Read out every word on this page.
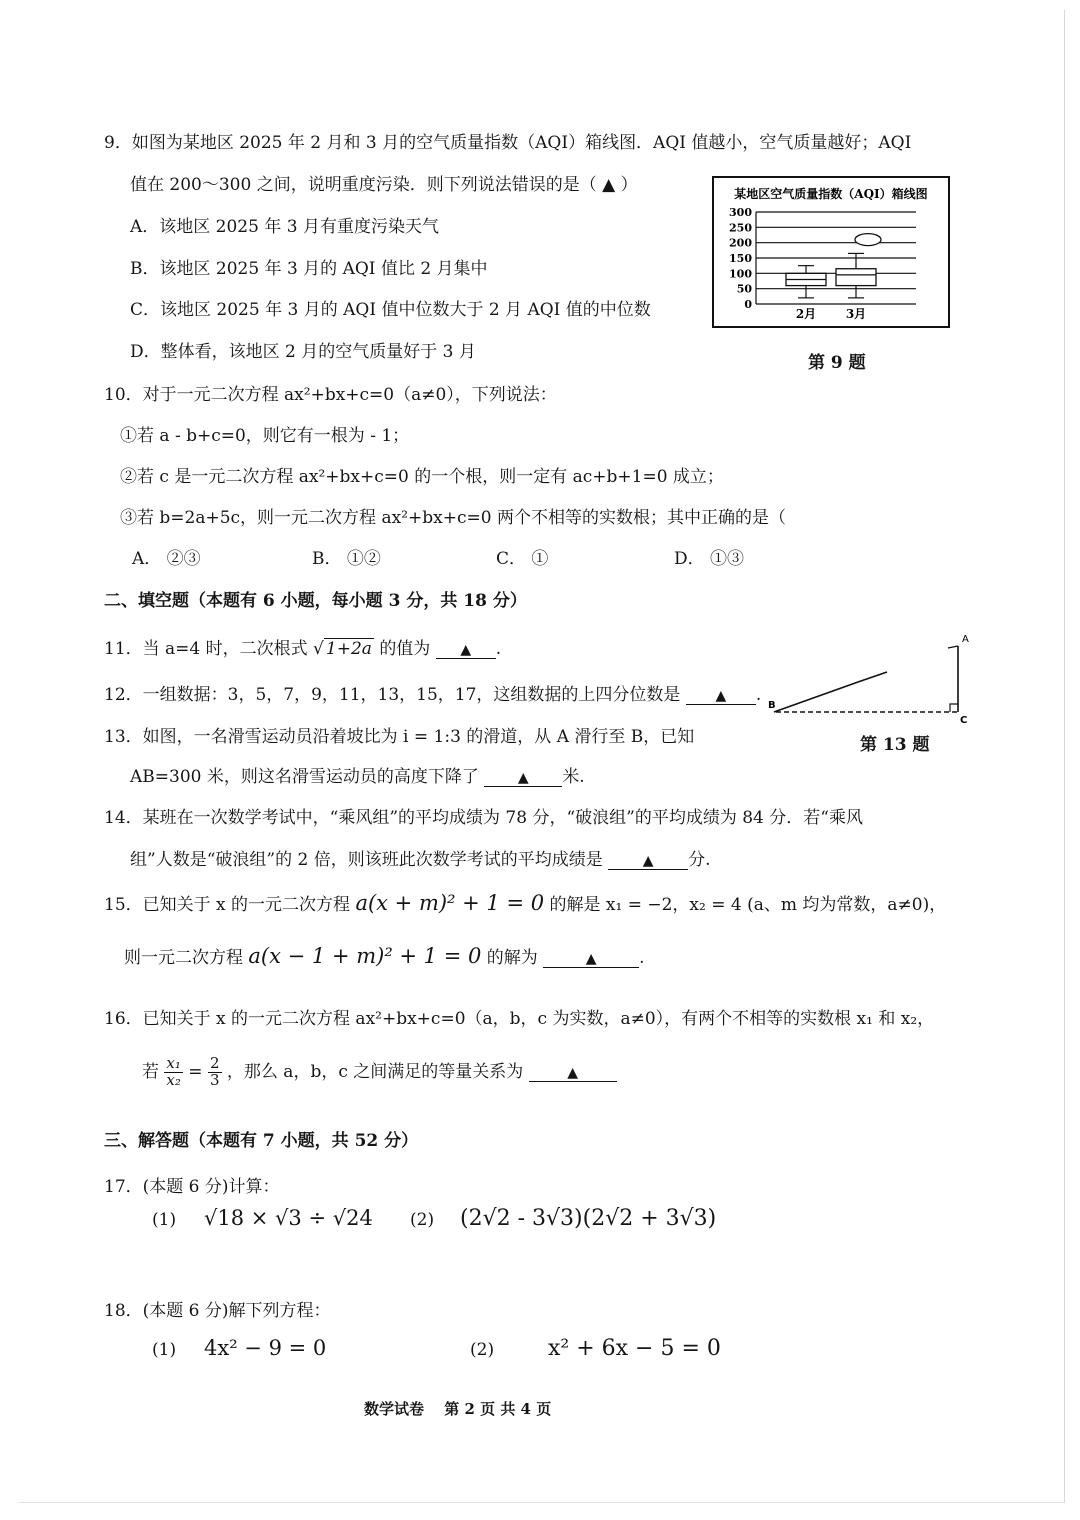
9．如图为某地区 2025 年 2 月和 3 月的空气质量指数（AQI）箱线图．AQI 值越小，空气质量越好；AQI
值在 200～300 之间，说明重度污染．则下列说法错误的是（ ▲ ）
A．该地区 2025 年 3 月有重度污染天气
B．该地区 2025 年 3 月的 AQI 值比 2 月集中
C．该地区 2025 年 3 月的 AQI 值中位数大于 2 月 AQI 值的中位数
D．整体看，该地区 2 月的空气质量好于 3 月
某地区空气质量指数（AQI）箱线图
300
250
200
150
100
50
0
2月 3月
第 9 题
10．对于一元二次方程 ax²+bx+c=0（a≠0），下列说法：
①若 a - b+c=0，则它有一根为 - 1；
②若 c 是一元二次方程 ax²+bx+c=0 的一个根，则一定有 ac+b+1=0 成立；
③若 b=2a+5c，则一元二次方程 ax²+bx+c=0 两个不相等的实数根；其中正确的是（
A． ②③	B． ①②	C． ①	D． ①③
二、填空题（本题有 6 小题，每小题 3 分，共 18 分）
11．当 a=4 时，二次根式 √ 1+2a 的值为 ▲ .
12．一组数据：3，5，7，9，11，13，15，17，这组数据的上四分位数是	▲ .
A
B
C
第 13 题
13．如图，一名滑雪运动员沿着坡比为 i = 1:3 的滑道，从 A 滑行至 B，已知
AB=300 米，则这名滑雪运动员的高度下降了	▲ 米.
14．某班在一次数学考试中，“乘风组”的平均成绩为 78 分，“破浪组”的平均成绩为 84 分．若“乘风
组”人数是“破浪组”的 2 倍，则该班此次数学考试的平均成绩是	▲ 分.
15．已知关于 x 的一元二次方程 a(x + m)² + 1 = 0 的解是 x₁ = −2，x₂ = 4 (a、m 均为常数，a≠0)，
则一元二次方程 a(x − 1 + m)² + 1 = 0 的解为	▲	.
16．已知关于 x 的一元二次方程 ax²+bx+c=0（a，b，c 为实数，a≠0），有两个不相等的实数根 x₁ 和 x₂，
若 $\frac{\text{x₁}}{\text{x₂}} = \frac{2}{3}$ ，那么 a，b，c 之间满足的等量关系为	▲
三、解答题（本题有 7 小题，共 52 分）
17．(本题 6 分)计算：
(1) √18 × √3 ÷ √24 (2) (2√2 - 3√3)(2√2 + 3√3)
18．(本题 6 分)解下列方程：
(1) 4x² − 9 = 0	(2) x² + 6x − 5 = 0
数学试卷　 第 2 页 共 4 页
